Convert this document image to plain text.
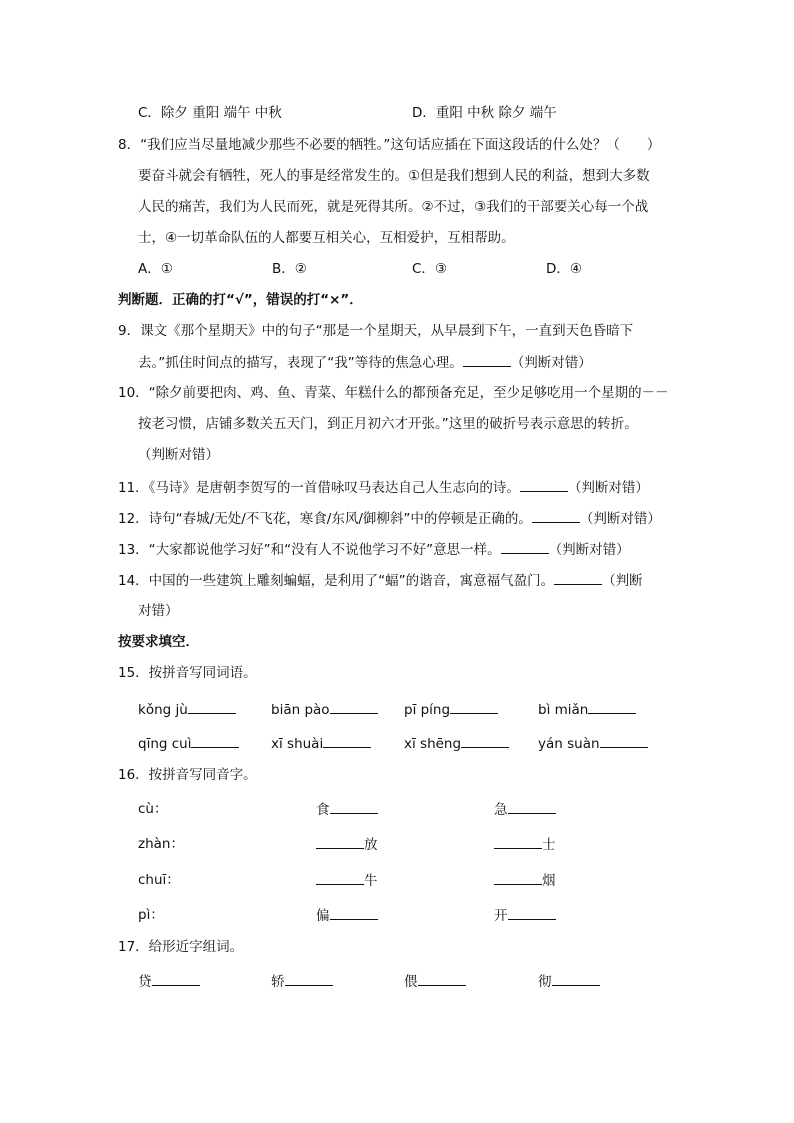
C．除夕 重阳 端午 中秋	D．重阳 中秋 除夕 端午
8．“我们应当尽量地减少那些不必要的牺牲。”这句话应插在下面这段话的什么处？（　　）
要奋斗就会有牺牲，死人的事是经常发生的。①但是我们想到人民的利益，想到大多数
人民的痛苦，我们为人民而死，就是死得其所。②不过，③我们的干部要关心每一个战
士，④一切革命队伍的人都要互相关心，互相爱护，互相帮助。
A．①	B．②	C．③	D．④
判断题．正确的打“√”，错误的打“×”．
9．课文《那个星期天》中的句子“那是一个星期天，从早晨到下午，一直到天色昏暗下
去。”抓住时间点的描写，表现了“我”等待的焦急心理。	（判断对错）
10．“除夕前要把肉、鸡、鱼、青菜、年糕什么的都预备充足，至少足够吃用一个星期的－－
按老习惯，店铺多数关五天门，到正月初六才开张。”这里的破折号表示意思的转折。
（判断对错）
11．《马诗》是唐朝李贺写的一首借咏叹马表达自己人生志向的诗。	（判断对错）
12．诗句“春城/无处/不飞花，寒食/东风/御柳斜”中的停顿是正确的。	（判断对错）
13．“大家都说他学习好”和“没有人不说他学习不好”意思一样。	（判断对错）
14．中国的一些建筑上雕刻蝙蝠，是利用了“蝠”的谐音，寓意福气盈门。	（判断
对错）
按要求填空．
15．按拼音写同词语。
kǒng jù	biān pào	pī píng	bì miǎn
qīng cuì	xī shuài	xī shēng	yán suàn
16．按拼音写同音字。
cù：	食	急
zhàn：	放	士
chuī：	牛	烟
pì：	偏	开
17．给形近字组词。
贷	轿	偎	彻
